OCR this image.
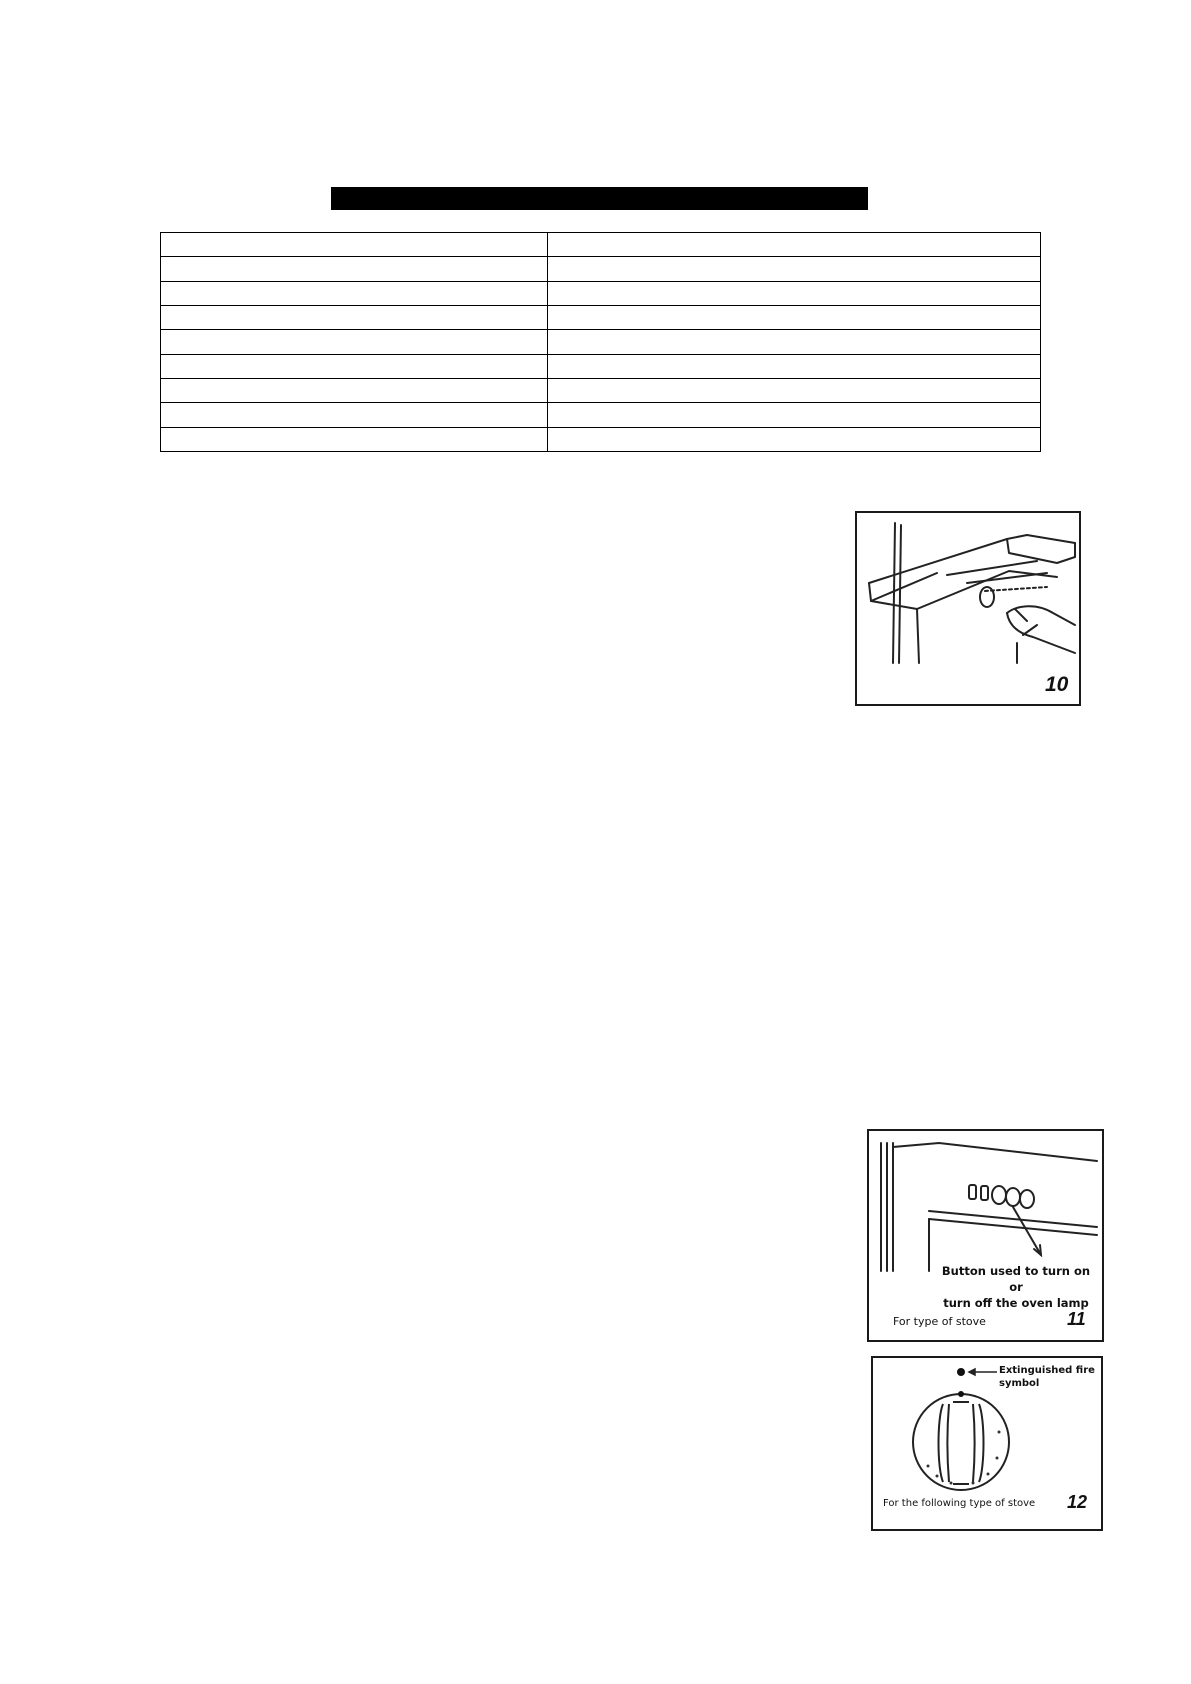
10
Button used to turn on or
turn off the oven lamp
For type of stove	11
Extinguished fire
symbol
For the following type of stove 12
